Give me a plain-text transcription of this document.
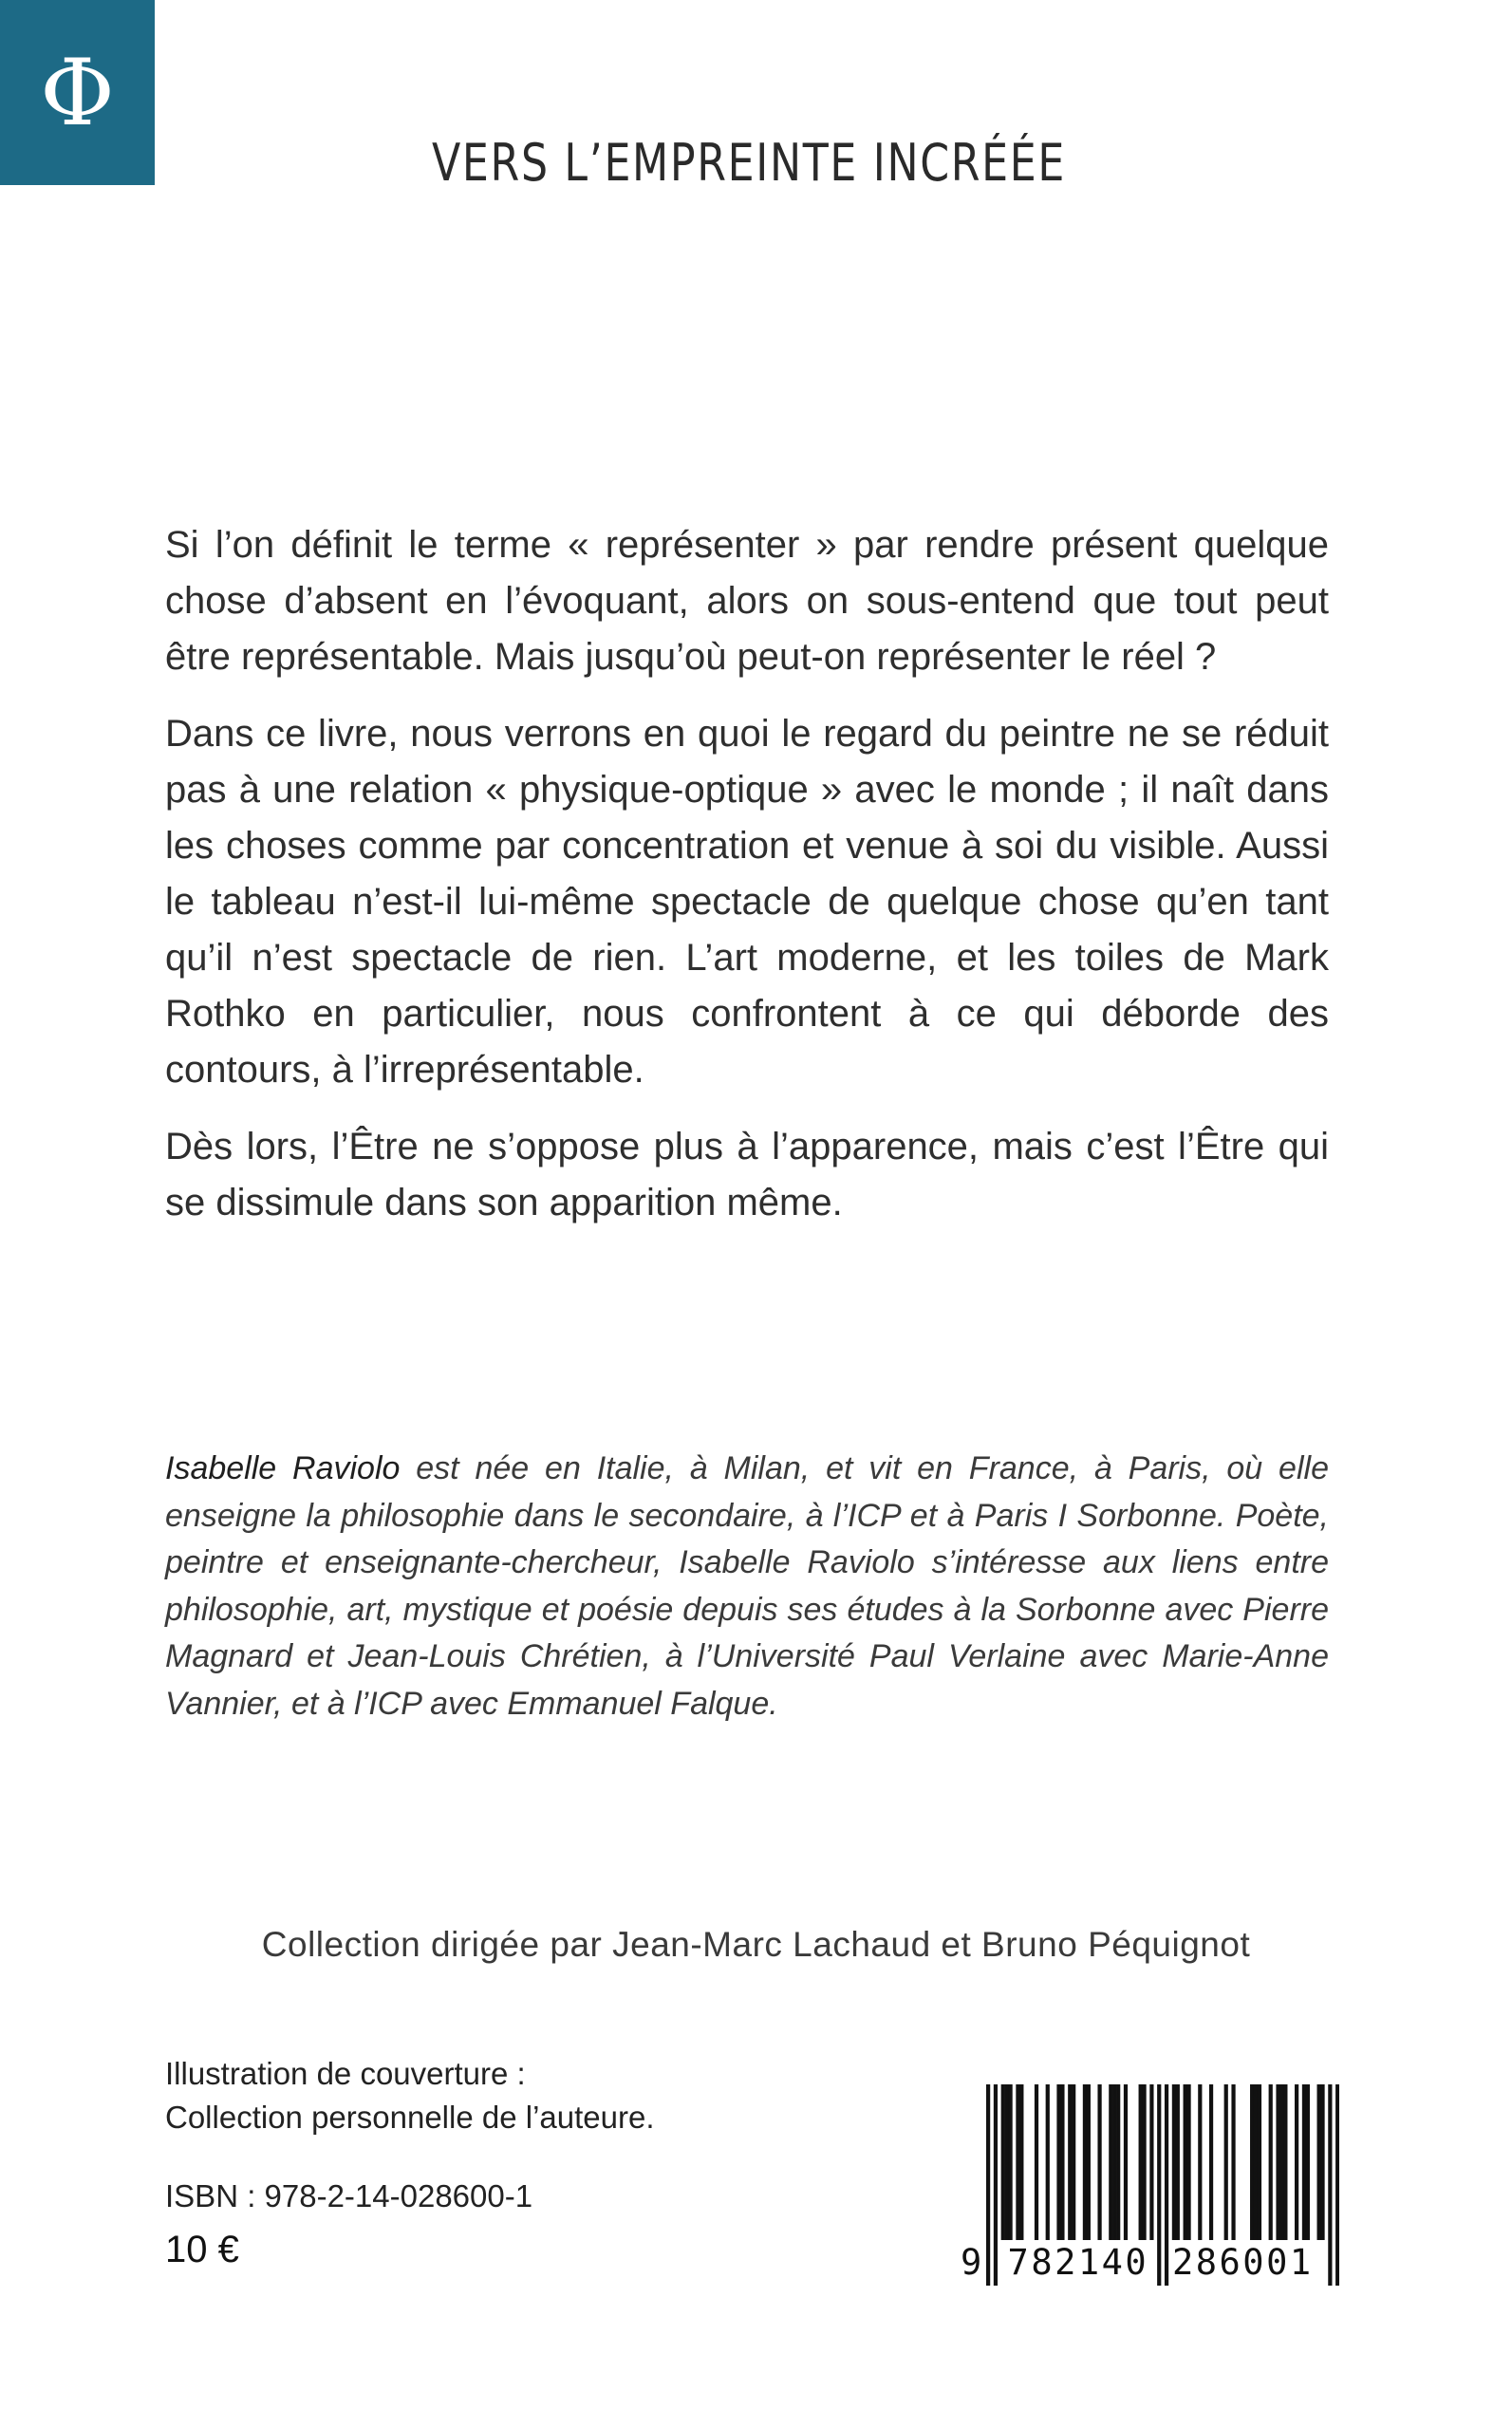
Φ
VERS L’EMPREINTE INCRÉÉE

Si l’on définit le terme « représenter » par rendre présent quelque chose d’absent en l’évoquant, alors on sous-entend que tout peut être représentable. Mais jusqu’où peut-on représenter le réel ?

Dans ce livre, nous verrons en quoi le regard du peintre ne se réduit pas à une relation « physique-optique » avec le monde ; il naît dans les choses comme par concentration et venue à soi du visible. Aussi le tableau n’est-il lui-même spectacle de quelque chose qu’en tant qu’il n’est spectacle de rien. L’art moderne, et les toiles de Mark Rothko en particulier, nous confrontent à ce qui déborde des contours, à l’irreprésentable.

Dès lors, l’Être ne s’oppose plus à l’apparence, mais c’est l’Être qui se dissimule dans son apparition même.

Isabelle Raviolo est née en Italie, à Milan, et vit en France, à Paris, où elle enseigne la philosophie dans le secondaire, à l’ICP et à Paris I Sorbonne. Poète, peintre et enseignante-chercheur, Isabelle Raviolo s’intéresse aux liens entre philosophie, art, mystique et poésie depuis ses études à la Sorbonne avec Pierre Magnard et Jean-Louis Chrétien, à l’Université Paul Verlaine avec Marie-Anne Vannier, et à l’ICP avec Emmanuel Falque.

Collection dirigée par Jean-Marc Lachaud et Bruno Péquignot

Illustration de couverture :
Collection personnelle de l’auteure.

ISBN : 978-2-14-028600-1

10 €	9 782140 286001
